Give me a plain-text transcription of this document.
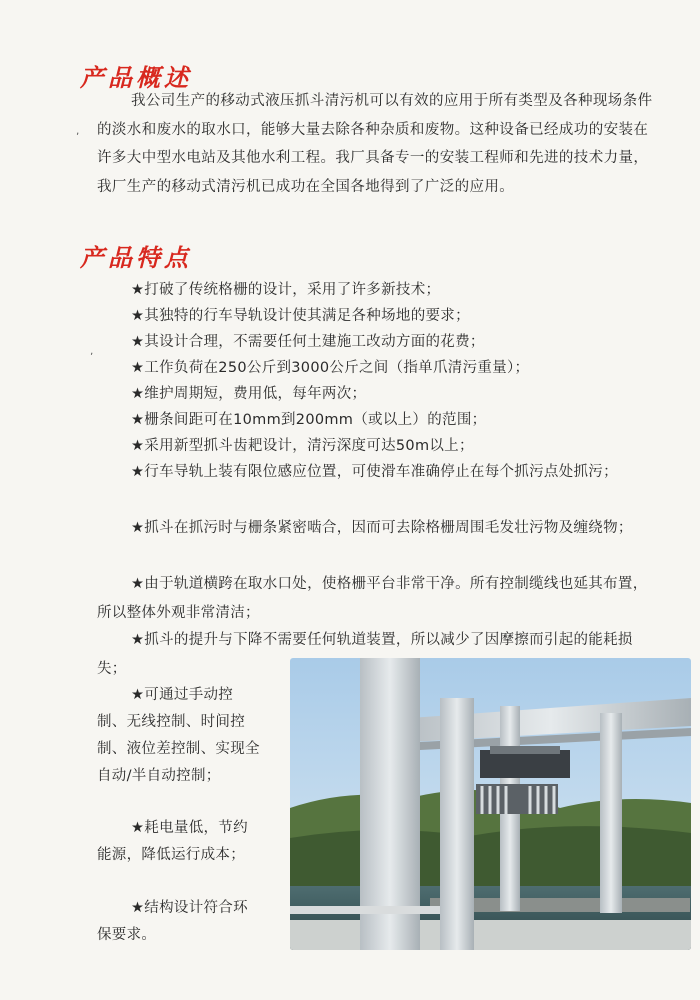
产品概述
我公司生产的移动式液压抓斗清污机可以有效的应用于所有类型及各种现场条件的淡水和废水的取水口，能够大量去除各种杂质和废物。这种设备已经成功的安装在许多大中型水电站及其他水利工程。我厂具备专一的安装工程师和先进的技术力量，我厂生产的移动式清污机已成功在全国各地得到了广泛的应用。
产品特点
★打破了传统格栅的设计，采用了许多新技术；
★其独特的行车导轨设计使其满足各种场地的要求；
★其设计合理，不需要任何土建施工改动方面的花费；
★工作负荷在250公斤到3000公斤之间（指单爪清污重量）；
★维护周期短，费用低，每年两次；
★栅条间距可在10mm到200mm（或以上）的范围；
★采用新型抓斗齿耙设计，清污深度可达50m以上；
★行车导轨上装有限位感应位置，可使滑车准确停止在每个抓污点处抓污；
★抓斗在抓污时与栅条紧密啮合，因而可去除格栅周围毛发壮污物及缠绕物；
★由于轨道横跨在取水口处，使格栅平台非常干净。所有控制缆线也延其布置，所以整体外观非常清洁；
★抓斗的提升与下降不需要任何轨道装置，所以减少了因摩擦而引起的能耗损失；
★可通过手动控制、无线控制、时间控制、液位差控制、实现全自动/半自动控制；
★耗电量低，节约能源，降低运行成本；
★结构设计符合环保要求。
‚
ʼ
